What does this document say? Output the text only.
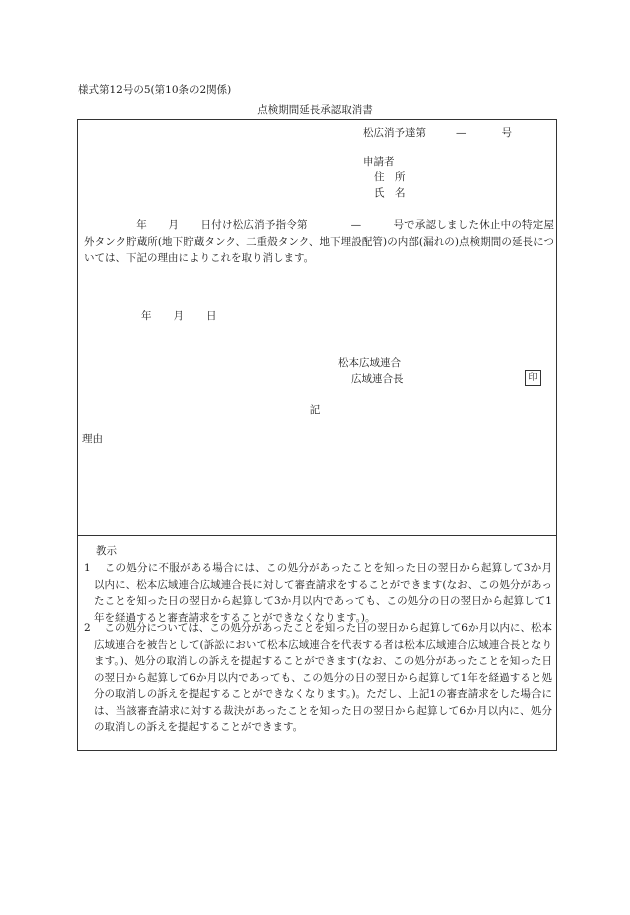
様式第12号の5(第10条の2関係)
点検期間延長承認取消書
松広消予達第	—	号
申請者
住　所
氏　名
年　　月　　日付け松広消予指令第　　　　—　　　号で承認しました休止中の特定屋外タンク貯蔵所(地下貯蔵タンク、二重殻タンク、地下埋設配管)の内部(漏れの)点検期間の延長については、下記の理由によりこれを取り消します。
年 月 日
松本広域連合
広域連合長	印
記
理由
教示
1 　この処分に不服がある場合には、この処分があったことを知った日の翌日から起算して3か月以内に、松本広域連合広域連合長に対して審査請求をすることができます(なお、この処分があったことを知った日の翌日から起算して3か月以内であっても、この処分の日の翌日から起算して1年を経過すると審査請求をすることができなくなります。)。
2 　この処分については、この処分があったことを知った日の翌日から起算して6か月以内に、松本広域連合を被告として(訴訟において松本広域連合を代表する者は松本広域連合広域連合長となります。)、処分の取消しの訴えを提起することができます(なお、この処分があったことを知った日の翌日から起算して6か月以内であっても、この処分の日の翌日から起算して1年を経過すると処分の取消しの訴えを提起することができなくなります。)。ただし、上記1の審査請求をした場合には、当該審査請求に対する裁決があったことを知った日の翌日から起算して6か月以内に、処分の取消しの訴えを提起することができます。
